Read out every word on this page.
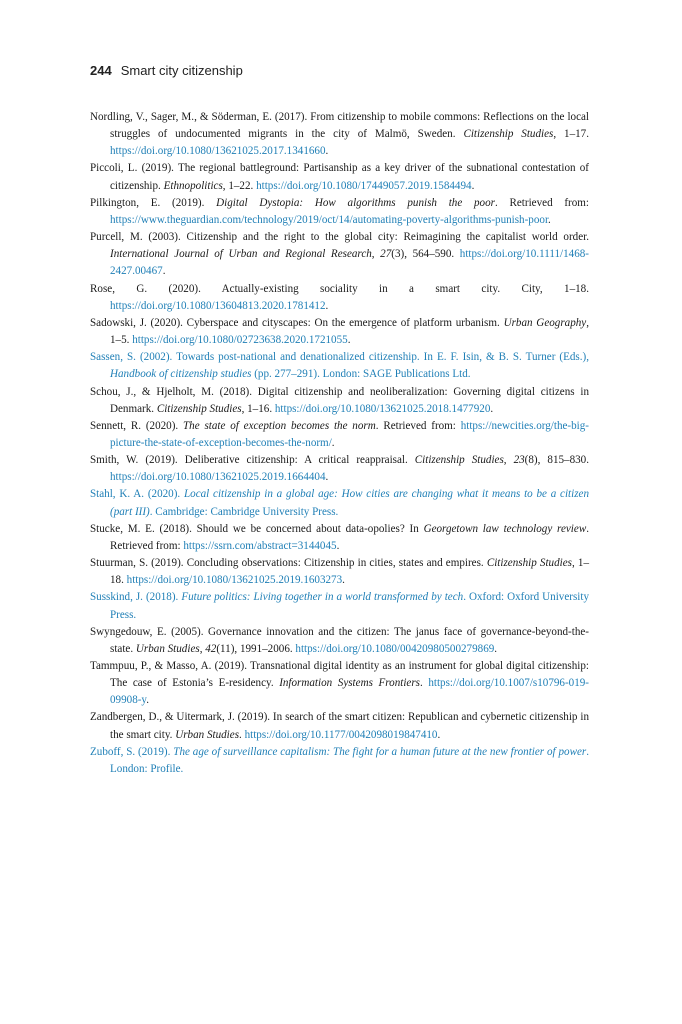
244 Smart city citizenship

Nordling, V., Sager, M., & Söderman, E. (2017). From citizenship to mobile commons: Reflections on the local struggles of undocumented migrants in the city of Malmö, Sweden. Citizenship Studies, 1–17. https://doi.org/10.1080/13621025.2017.1341660.

Piccoli, L. (2019). The regional battleground: Partisanship as a key driver of the subnational contestation of citizenship. Ethnopolitics, 1–22. https://doi.org/10.1080/17449057.2019.1584494.

Pilkington, E. (2019). Digital Dystopia: How algorithms punish the poor. Retrieved from: https://www.theguardian.com/technology/2019/oct/14/automating-poverty-algorithms-punish-poor.

Purcell, M. (2003). Citizenship and the right to the global city: Reimagining the capitalist world order. International Journal of Urban and Regional Research, 27(3), 564–590. https://doi.org/10.1111/1468-2427.00467.

Rose, G. (2020). Actually-existing sociality in a smart city. City, 1–18. https://doi.org/10.1080/13604813.2020.1781412.

Sadowski, J. (2020). Cyberspace and cityscapes: On the emergence of platform urbanism. Urban Geography, 1–5. https://doi.org/10.1080/02723638.2020.1721055.

Sassen, S. (2002). Towards post-national and denationalized citizenship. In E. F. Isin, & B. S. Turner (Eds.), Handbook of citizenship studies (pp. 277–291). London: SAGE Publications Ltd.

Schou, J., & Hjelholt, M. (2018). Digital citizenship and neoliberalization: Governing digital citizens in Denmark. Citizenship Studies, 1–16. https://doi.org/10.1080/13621025.2018.1477920.

Sennett, R. (2020). The state of exception becomes the norm. Retrieved from: https://newcities.org/the-big-picture-the-state-of-exception-becomes-the-norm/.

Smith, W. (2019). Deliberative citizenship: A critical reappraisal. Citizenship Studies, 23(8), 815–830. https://doi.org/10.1080/13621025.2019.1664404.

Stahl, K. A. (2020). Local citizenship in a global age: How cities are changing what it means to be a citizen (part III). Cambridge: Cambridge University Press.

Stucke, M. E. (2018). Should we be concerned about data-opolies? In Georgetown law technology review. Retrieved from: https://ssrn.com/abstract=3144045.

Stuurman, S. (2019). Concluding observations: Citizenship in cities, states and empires. Citizenship Studies, 1–18. https://doi.org/10.1080/13621025.2019.1603273.

Susskind, J. (2018). Future politics: Living together in a world transformed by tech. Oxford: Oxford University Press.

Swyngedouw, E. (2005). Governance innovation and the citizen: The janus face of governance-beyond-the-state. Urban Studies, 42(11), 1991–2006. https://doi.org/10.1080/00420980500279869.

Tammpuu, P., & Masso, A. (2019). Transnational digital identity as an instrument for global digital citizenship: The case of Estonia’s E-residency. Information Systems Frontiers. https://doi.org/10.1007/s10796-019-09908-y.

Zandbergen, D., & Uitermark, J. (2019). In search of the smart citizen: Republican and cybernetic citizenship in the smart city. Urban Studies. https://doi.org/10.1177/0042098019847410.

Zuboff, S. (2019). The age of surveillance capitalism: The fight for a human future at the new frontier of power. London: Profile.
